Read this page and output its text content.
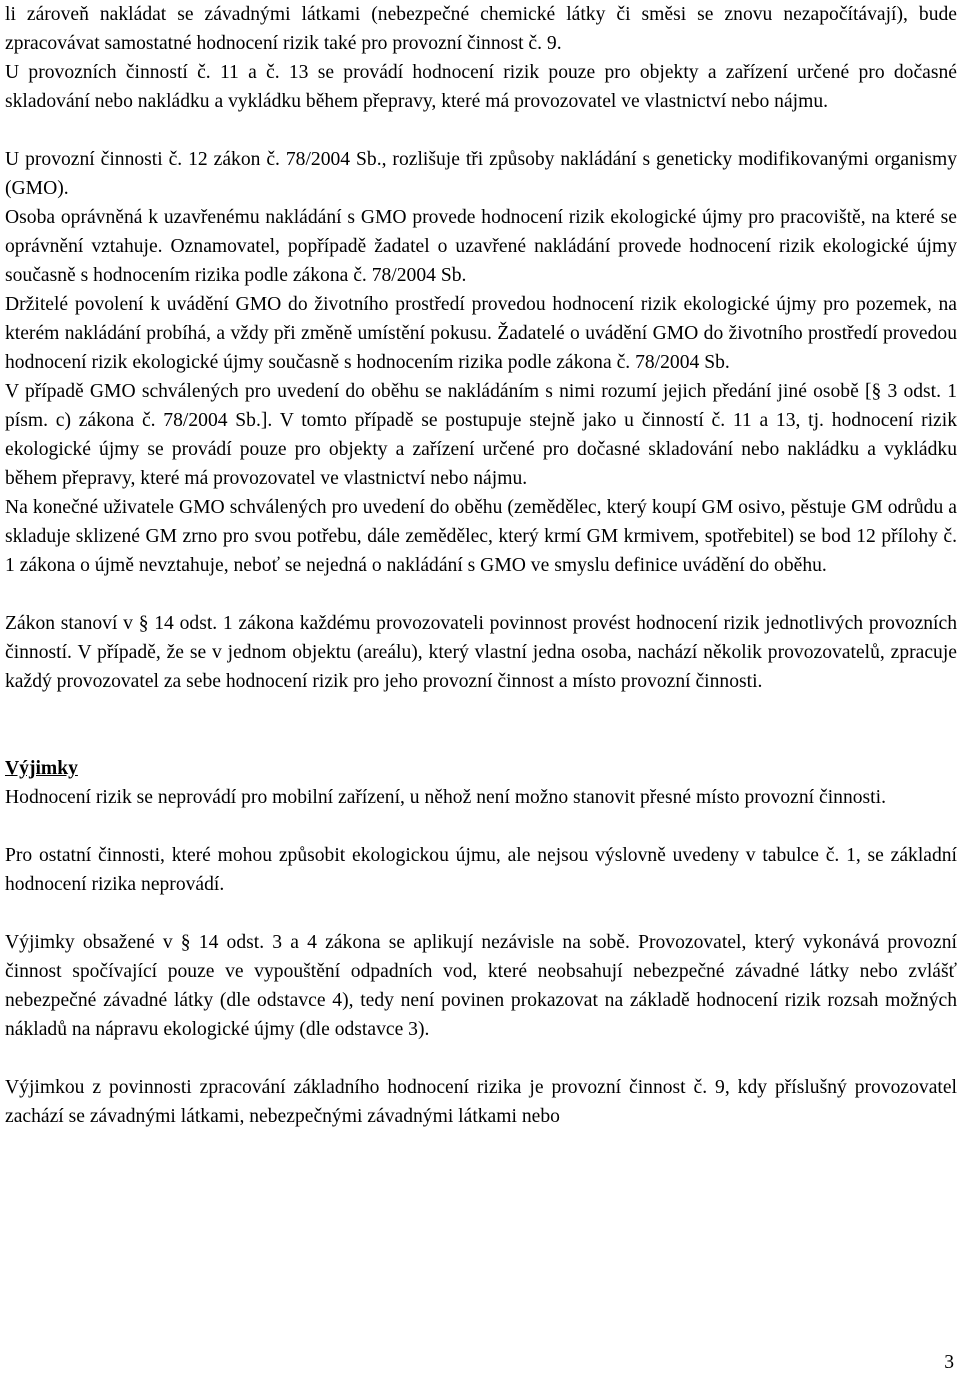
li zároveň nakládat se závadnými látkami (nebezpečné chemické látky či směsi se znovu nezapočítávají), bude zpracovávat samostatné hodnocení rizik také pro provozní činnost č. 9.

U provozních činností č. 11 a č. 13 se provádí hodnocení rizik pouze pro objekty a zařízení určené pro dočasné skladování nebo nakládku a vykládku během přepravy, které má provozovatel ve vlastnictví nebo nájmu.

U provozní činnosti č. 12 zákon č. 78/2004 Sb., rozlišuje tři způsoby nakládání s geneticky modifikovanými organismy (GMO).

Osoba oprávněná k uzavřenému nakládání s GMO provede hodnocení rizik ekologické újmy pro pracoviště, na které se oprávnění vztahuje. Oznamovatel, popřípadě žadatel o uzavřené nakládání provede hodnocení rizik ekologické újmy současně s hodnocením rizika podle zákona č. 78/2004 Sb.

Držitelé povolení k uvádění GMO do životního prostředí provedou hodnocení rizik ekologické újmy pro pozemek, na kterém nakládání probíhá, a vždy při změně umístění pokusu. Žadatelé o uvádění GMO do životního prostředí provedou hodnocení rizik ekologické újmy současně s hodnocením rizika podle zákona č. 78/2004 Sb.

V případě GMO schválených pro uvedení do oběhu se nakládáním s nimi rozumí jejich předání jiné osobě [§ 3 odst. 1 písm. c) zákona č. 78/2004 Sb.]. V tomto případě se postupuje stejně jako u činností č. 11 a 13, tj. hodnocení rizik ekologické újmy se provádí pouze pro objekty a zařízení určené pro dočasné skladování nebo nakládku a vykládku během přepravy, které má provozovatel ve vlastnictví nebo nájmu.

Na konečné uživatele GMO schválených pro uvedení do oběhu (zemědělec, který koupí GM osivo, pěstuje GM odrůdu a skladuje sklizené GM zrno pro svou potřebu, dále zemědělec, který krmí GM krmivem, spotřebitel) se bod 12 přílohy č. 1 zákona o újmě nevztahuje, neboť se nejedná o nakládání s GMO ve smyslu definice uvádění do oběhu.

Zákon stanoví v § 14 odst. 1 zákona každému provozovateli povinnost provést hodnocení rizik jednotlivých provozních činností. V případě, že se v jednom objektu (areálu), který vlastní jedna osoba, nachází několik provozovatelů, zpracuje každý provozovatel za sebe hodnocení rizik pro jeho provozní činnost a místo provozní činnosti.

Výjimky

Hodnocení rizik se neprovádí pro mobilní zařízení, u něhož není možno stanovit přesné místo provozní činnosti.

Pro ostatní činnosti, které mohou způsobit ekologickou újmu, ale nejsou výslovně uvedeny v tabulce č. 1, se základní hodnocení rizika neprovádí.

Výjimky obsažené v § 14 odst. 3 a 4 zákona se aplikují nezávisle na sobě. Provozovatel, který vykonává provozní činnost spočívající pouze ve vypouštění odpadních vod, které neobsahují nebezpečné závadné látky nebo zvlášť nebezpečné závadné látky (dle odstavce 4), tedy není povinen prokazovat na základě hodnocení rizik rozsah možných nákladů na nápravu ekologické újmy (dle odstavce 3).

Výjimkou z povinnosti zpracování základního hodnocení rizika je provozní činnost č. 9, kdy příslušný provozovatel zachází se závadnými látkami, nebezpečnými závadnými látkami nebo

3
